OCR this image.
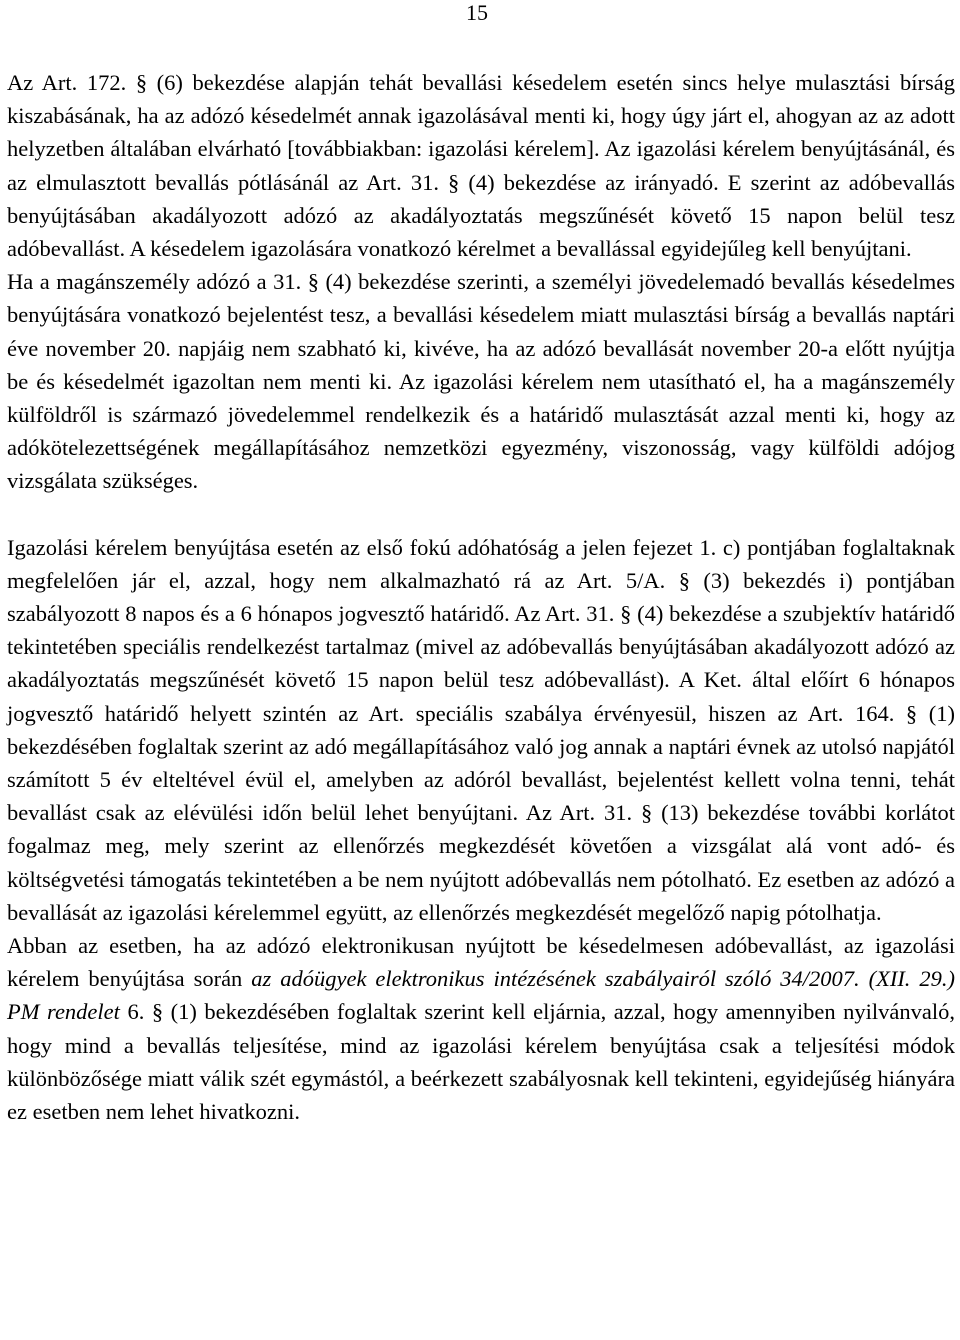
15

Az Art. 172. § (6) bekezdése alapján tehát bevallási késedelem esetén sincs helye mulasztási bírság kiszabásának, ha az adózó késedelmét annak igazolásával menti ki, hogy úgy járt el, ahogyan az az adott helyzetben általában elvárható [továbbiakban: igazolási kérelem]. Az igazolási kérelem benyújtásánál, és az elmulasztott bevallás pótlásánál az Art. 31. § (4) bekezdése az irányadó. E szerint az adóbevallás benyújtásában akadályozott adózó az akadályoztatás megszűnését követő 15 napon belül tesz adóbevallást. A késedelem igazolására vonatkozó kérelmet a bevallással egyidejűleg kell benyújtani.

Ha a magánszemély adózó a 31. § (4) bekezdése szerinti, a személyi jövedelemadó bevallás késedelmes benyújtására vonatkozó bejelentést tesz, a bevallási késedelem miatt mulasztási bírság a bevallás naptári éve november 20. napjáig nem szabható ki, kivéve, ha az adózó bevallását november 20-a előtt nyújtja be és késedelmét igazoltan nem menti ki. Az igazolási kérelem nem utasítható el, ha a magánszemély külföldről is származó jövedelemmel rendelkezik és a határidő mulasztását azzal menti ki, hogy az adókötelezettségének megállapításához nemzetközi egyezmény, viszonosság, vagy külföldi adójog vizsgálata szükséges.

Igazolási kérelem benyújtása esetén az első fokú adóhatóság a jelen fejezet 1. c) pontjában foglaltaknak megfelelően jár el, azzal, hogy nem alkalmazható rá az Art. 5/A. § (3) bekezdés i) pontjában szabályozott 8 napos és a 6 hónapos jogvesztő határidő. Az Art. 31. § (4) bekezdése a szubjektív határidő tekintetében speciális rendelkezést tartalmaz (mivel az adóbevallás benyújtásában akadályozott adózó az akadályoztatás megszűnését követő 15 napon belül tesz adóbevallást). A Ket. által előírt 6 hónapos jogvesztő határidő helyett szintén az Art. speciális szabálya érvényesül, hiszen az Art. 164. § (1) bekezdésében foglaltak szerint az adó megállapításához való jog annak a naptári évnek az utolsó napjától számított 5 év elteltével évül el, amelyben az adóról bevallást, bejelentést kellett volna tenni, tehát bevallást csak az elévülési időn belül lehet benyújtani. Az Art. 31. § (13) bekezdése további korlátot fogalmaz meg, mely szerint az ellenőrzés megkezdését követően a vizsgálat alá vont adó- és költségvetési támogatás tekintetében a be nem nyújtott adóbevallás nem pótolható. Ez esetben az adózó a bevallását az igazolási kérelemmel együtt, az ellenőrzés megkezdését megelőző napig pótolhatja.

Abban az esetben, ha az adózó elektronikusan nyújtott be késedelmesen adóbevallást, az igazolási kérelem benyújtása során az adóügyek elektronikus intézésének szabályairól szóló 34/2007. (XII. 29.) PM rendelet 6. § (1) bekezdésében foglaltak szerint kell eljárnia, azzal, hogy amennyiben nyilvánvaló, hogy mind a bevallás teljesítése, mind az igazolási kérelem benyújtása csak a teljesítési módok különbözősége miatt válik szét egymástól, a beérkezett szabályosnak kell tekinteni, egyidejűség hiányára ez esetben nem lehet hivatkozni.
